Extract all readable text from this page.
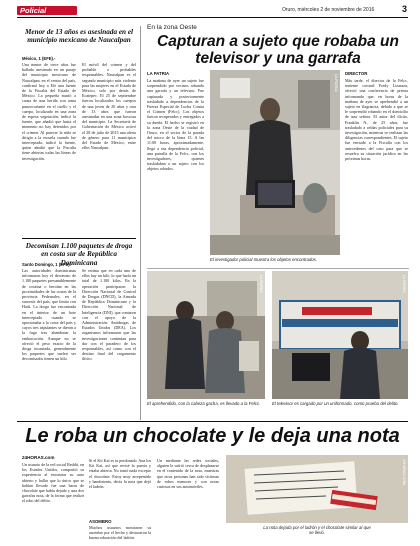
Policial	Oruro, miércoles 2 de noviembre de 2016	3
Menor de 13 años es asesinada en el municipio mexicano de Naucalpan
México, 1 (EFE).-
Una menor de trece años fue hallada asesinada en un paraje del municipio mexicano de Naucalpan, en el centro del país, confirmó hoy a Efe una fuente de la Fiscalía del Estado de México. La pequeña murió a causa de una herida con arma punzocortante en el cuello y el cuerpo, localizado en una zona de espesa vegetación, indicó la fuente, que añadió que hasta el momento no hay detenidos por el crimen. Al parecer la niña se dirigía a la escuela cuando fue interceptada, indicó la fuente, quien añadió que la Fiscalía tiene abiertas todas las líneas de investigación.
El móvil del crimen y del probable o probables responsables. Naucalpan es el segundo municipio más violento para las mujeres en el Estado de México, solo por detrás de Ecatepec. El 25 de septiembre fueron localizados los cuerpos de una joven de 20 años y otra de 13 años que fueron asesinadas en una zona boscosa del municipio. La Secretaría de Gobernación de México activó el 28 de julio de 2015 una alerta de género para 11 municipios del Estado de México, entre ellos Naucalpan.
Decomisan 1.100 paquetes de droga en costa sur de República Dominicana
Santo Domingo, 1 (EFE).-
Las autoridades dominicanas informaron hoy el decomiso de 1.100 paquetes presumiblemente de cocaína o heroína en las proximidades de las costas de la provincia Pedernales, en el suroeste del país, que limita con Haití. La droga fue encontrada en el interior de un bote interceptado cuando se aproximaba a la costa del país y cuyos tres tripulantes se dieron a la fuga tras abandonar la embarcación. Aunque no se ofreció el peso exacto de la droga incautada, generalmente los paquetes que suelen ser decomisados tienen un kilo.
Se estima que en cada uno de ellos hay un kilo, lo que haría un total de 1.100 kilos. En la operación participaron la Dirección Nacional de Control de Drogas (DNCD), la Armada de República Dominicana y la Dirección Nacional de Inteligencia (DNI), que contaron con el apoyo de la Administración Antidrogas de Estados Unidos (DEA). Los organismos informaron que las investigaciones continúan para dar con el paradero de los responsables, así como con el destino final del cargamento ilícito.
En la zona Oeste
Capturan a sujeto que robaba un televisor y una garrafa
LA PATRIA
La mañana de ayer un sujeto fue sorprendido por vecinos robando una garrafa y un televisor. Fue capturado y posteriormente trasladado a dependencias de la Fuerza Especial de Lucha Contra el Crimen (Felcc). Los objetos fueron recuperados y entregados a su dueña. El hecho se registró en la zona Oeste de la ciudad de Oruro, en el sector de la parada del micro de la línea 15. A las 11:00 horas, aproximadamente, llegó a esa dependencia policial, una patrulla de la Felcc, con los investigadores, quienes trasladaban a un sujeto con los objetos robados.
LA PATRIA
El investigador policial muestra los objetos encontrados.
DIRECTOR
Más tarde, el director de la Felcc, teniente coronel Fredy Lizarazu, ofreció una conferencia de prensa informando que, en horas de la mañana de ayer se aprehendió a un sujeto en flagrancia, debido a que se le sorprendió robando en el domicilio de una señora. El autor del ilícito, Franklin N., de 25 años, fue trasladado a celdas policiales para su investigación, mientras se realizan las diligencias correspondientes. El sujeto fue enviado a la Fiscalía con los antecedentes del caso para que se resuelva su situación jurídica en las próximas horas.
LA PATRIA
El aprehendido, con la cabeza gacha, es llevado a la Felcc.
LA PATRIA
El televisor es cargado por un uniformado, como prueba del delito.
Le roba un chocolate y le deja una nota
24HORAS.com
Un usuario de la red social Reddit, en los Estados Unidos, compartió su experiencia al encontrar su auto abierto y hallar que lo único que se habían llevado fue una barra de chocolate que había dejado y una dos garrafas nota, de la forma que realizó el robo del delito.
Si el Kit Kat es tu perdonado. Ana los Kit Kat, así que revisé la puerta y estaba abierta. No tomó nada excepto el chocolate. Estoy muy arrepentido y hambriento, decía la nota que dejó el ladrón.
ASOMBRO
Muchos usuarios mostraron su asombro por el hecho y destacaron la buena educación del ladrón.
Un mediante las redes sociales, alguien le sufrió cerca de desplazarse en el contenido de la nota, muestras que otras personas han sido víctimas de robos menores y con notas curiosas en sus automóviles.
24HORAS.COM
La nota dejada por el ladrón y el chocolate similar al que se llevó.
